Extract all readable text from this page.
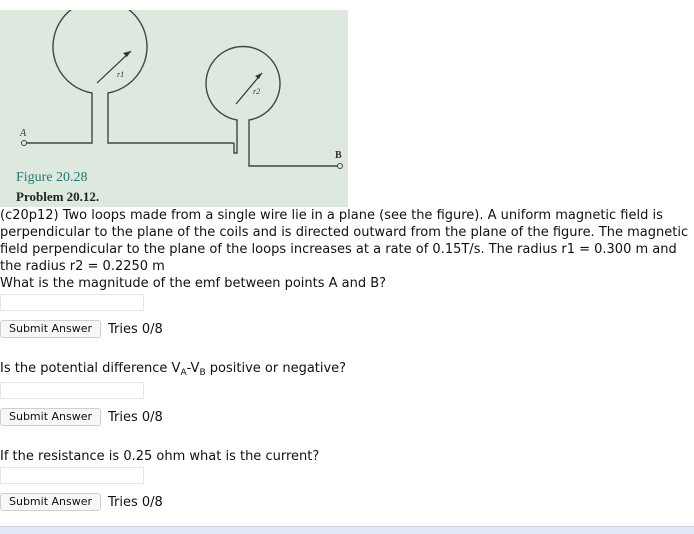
A
B
r1
r2
Figure 20.28
Problem 20.12.

(c20p12) Two loops made from a single wire lie in a plane (see the figure). A uniform magnetic field is perpendicular to the plane of the coils and is directed outward from the plane of the figure. The magnetic field perpendicular to the plane of the loops increases at a rate of 0.15T/s. The radius r1 = 0.300 m and the radius r2 = 0.2250 m

What is the magnitude of the emf between points A and B?

Submit Answer	Tries 0/8

Is the potential difference $V_A-V_B$ positive or negative?

Submit Answer	Tries 0/8

If the resistance is 0.25 ohm what is the current?

Submit Answer	Tries 0/8
